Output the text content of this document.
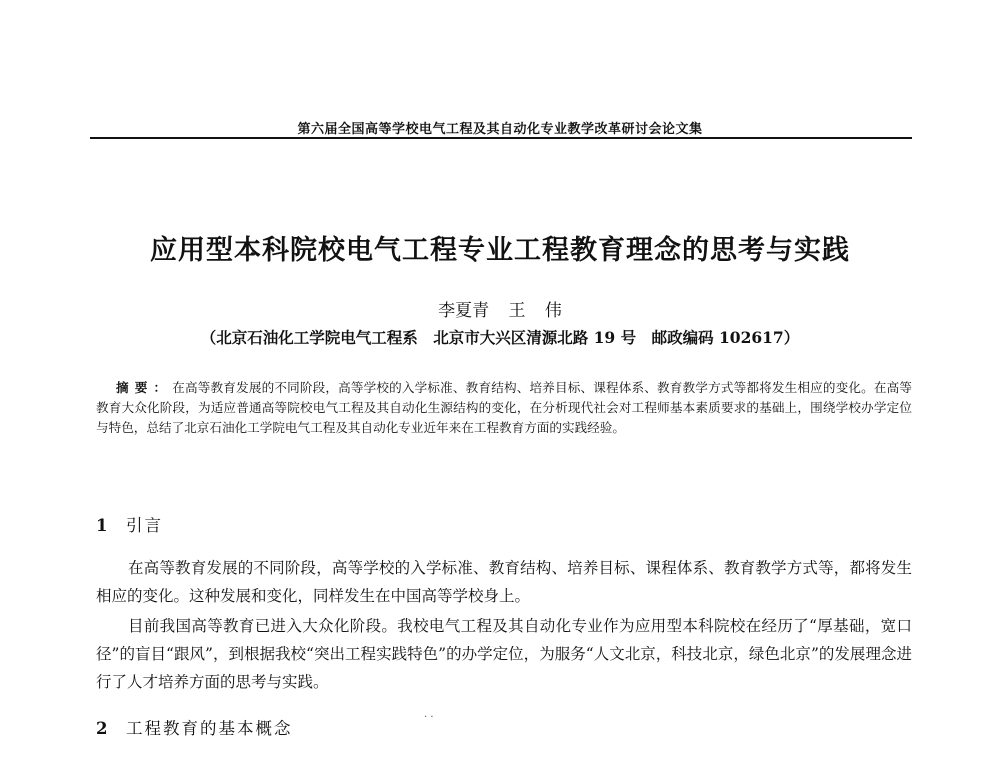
第六届全国高等学校电气工程及其自动化专业教学改革研讨会论文集
应用型本科院校电气工程专业工程教育理念的思考与实践
李夏青 王 伟
（北京石油化工学院电气工程系　北京市大兴区清源北路 19 号　邮政编码 102617）
摘要：在高等教育发展的不同阶段，高等学校的入学标准、教育结构、培养目标、课程体系、教育教学方式等都将发生相应的变化。在高等教育大众化阶段，为适应普通高等院校电气工程及其自动化生源结构的变化，在分析现代社会对工程师基本素质要求的基础上，围绕学校办学定位与特色，总结了北京石油化工学院电气工程及其自动化专业近年来在工程教育方面的实践经验。
1 引言
在高等教育发展的不同阶段，高等学校的入学标准、教育结构、培养目标、课程体系、教育教学方式等，都将发生相应的变化。这种发展和变化，同样发生在中国高等学校身上。
目前我国高等教育已进入大众化阶段。我校电气工程及其自动化专业作为应用型本科院校在经历了“厚基础，宽口径”的盲目“跟风”，到根据我校“突出工程实践特色”的办学定位，为服务“人文北京，科技北京，绿色北京”的发展理念进行了人才培养方面的思考与实践。
2 工程教育的基本概念
· ·
